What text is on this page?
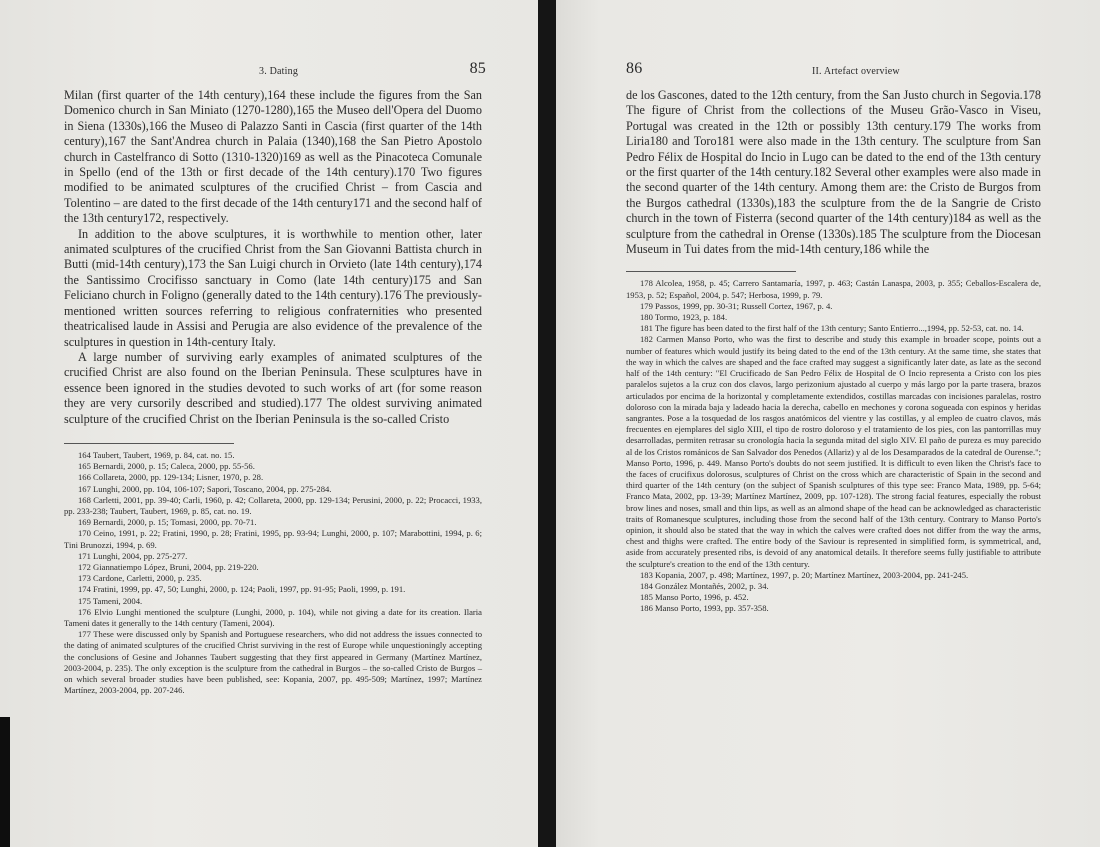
3. Dating	85

Milan (first quarter of the 14th century),164 these include the figures from the San Domenico church in San Miniato (1270-1280),165 the Museo dell'Opera del Duomo in Siena (1330s),166 the Museo di Palazzo Santi in Cascia (first quarter of the 14th century),167 the Sant'Andrea church in Palaia (1340),168 the San Pietro Apostolo church in Castelfranco di Sotto (1310-1320)169 as well as the Pinacoteca Comunale in Spello (end of the 13th or first decade of the 14th century).170 Two figures modified to be animated sculptures of the crucified Christ – from Cascia and Tolentino – are dated to the first decade of the 14th century171 and the second half of the 13th century172, respectively.

In addition to the above sculptures, it is worthwhile to mention other, later animated sculptures of the crucified Christ from the San Giovanni Battista church in Butti (mid-14th century),173 the San Luigi church in Orvieto (late 14th century),174 the Santissimo Crocifisso sanctuary in Como (late 14th century)175 and San Feliciano church in Foligno (generally dated to the 14th century).176 The previously-mentioned written sources referring to religious confraternities who presented theatricalised laude in Assisi and Perugia are also evidence of the prevalence of the sculptures in question in 14th-century Italy.

A large number of surviving early examples of animated sculptures of the crucified Christ are also found on the Iberian Peninsula. These sculptures have in essence been ignored in the studies devoted to such works of art (for some reason they are very cursorily described and studied).177 The oldest surviving animated sculpture of the crucified Christ on the Iberian Peninsula is the so-called Cristo

164 Taubert, Taubert, 1969, p. 84, cat. no. 15.

165 Bernardi, 2000, p. 15; Caleca, 2000, pp. 55-56.

166 Collareta, 2000, pp. 129-134; Lisner, 1970, p. 28.

167 Lunghi, 2000, pp. 104, 106-107; Sapori, Toscano, 2004, pp. 275-284.

168 Carletti, 2001, pp. 39-40; Carli, 1960, p. 42; Collareta, 2000, pp. 129-134; Perusini, 2000, p. 22; Procacci, 1933, pp. 233-238; Taubert, Taubert, 1969, p. 85, cat. no. 19.

169 Bernardi, 2000, p. 15; Tomasi, 2000, pp. 70-71.

170 Ceino, 1991, p. 22; Fratini, 1990, p. 28; Fratini, 1995, pp. 93-94; Lunghi, 2000, p. 107; Marabottini, 1994, p. 6; Tini Brunozzi, 1994, p. 69.

171 Lunghi, 2004, pp. 275-277.

172 Giannatiempo López, Bruni, 2004, pp. 219-220.

173 Cardone, Carletti, 2000, p. 235.

174 Fratini, 1999, pp. 47, 50; Lunghi, 2000, p. 124; Paoli, 1997, pp. 91-95; Paoli, 1999, p. 191.

175 Tameni, 2004.

176 Elvio Lunghi mentioned the sculpture (Lunghi, 2000, p. 104), while not giving a date for its creation. Ilaria Tameni dates it generally to the 14th century (Tameni, 2004).

177 These were discussed only by Spanish and Portuguese researchers, who did not address the issues connected to the dating of animated sculptures of the crucified Christ surviving in the rest of Europe while unquestioningly accepting the conclusions of Gesine and Johannes Taubert suggesting that they first appeared in Germany (Martínez Martínez, 2003-2004, p. 235). The only exception is the sculpture from the cathedral in Burgos – the so-called Cristo de Burgos – on which several broader studies have been published, see: Kopania, 2007, pp. 495-509; Martínez, 1997; Martínez Martínez, 2003-2004, pp. 207-246.

86	II. Artefact overview

de los Gascones, dated to the 12th century, from the San Justo church in Segovia.178 The figure of Christ from the collections of the Museu Grão-Vasco in Viseu, Portugal was created in the 12th or possibly 13th century.179 The works from Liria180 and Toro181 were also made in the 13th century. The sculpture from San Pedro Félix de Hospital do Incio in Lugo can be dated to the end of the 13th century or the first quarter of the 14th century.182 Several other examples were also made in the second quarter of the 14th century. Among them are: the Cristo de Burgos from the Burgos cathedral (1330s),183 the sculpture from the de la Sangrie de Cristo church in the town of Fisterra (second quarter of the 14th century)184 as well as the sculpture from the cathedral in Orense (1330s).185 The sculpture from the Diocesan Museum in Tui dates from the mid-14th century,186 while the

178 Alcolea, 1958, p. 45; Carrero Santamaría, 1997, p. 463; Castán Lanaspa, 2003, p. 355; Ceballos-Escalera de, 1953, p. 52; Español, 2004, p. 547; Herbosa, 1999, p. 79.

179 Passos, 1999, pp. 30-31; Russell Cortez, 1967, p. 4.

180 Tormo, 1923, p. 184.

181 The figure has been dated to the first half of the 13th century; Santo Entierro...,1994, pp. 52-53, cat. no. 14.

182 Carmen Manso Porto, who was the first to describe and study this example in broader scope, points out a number of features which would justify its being dated to the end of the 13th century. At the same time, she states that the way in which the calves are shaped and the face crafted may suggest a significantly later date, as late as the second half of the 14th century: "El Crucificado de San Pedro Félix de Hospital de O Incio representa a Cristo con los pies paralelos sujetos a la cruz con dos clavos, largo perizonium ajustado al cuerpo y más largo por la parte trasera, brazos articulados por encima de la horizontal y completamente extendidos, costillas marcadas con incisiones paralelas, rostro doloroso con la mirada baja y ladeado hacia la derecha, cabello en mechones y corona sogueada con espinos y heridas sangrantes. Pose a la tosquedad de los rasgos anatómicos del vientre y las costillas, y al empleo de cuatro clavos, más frecuentes en ejemplares del siglo XIII, el tipo de rostro doloroso y el tratamiento de los pies, con las pantorrillas muy desarrolladas, permiten retrasar su cronología hacia la segunda mitad del siglo XIV. El paño de pureza es muy parecido al de los Cristos románicos de San Salvador dos Penedos (Allariz) y al de los Desamparados de la catedral de Ourense."; Manso Porto, 1996, p. 449. Manso Porto's doubts do not seem justified. It is difficult to even liken the Christ's face to the faces of crucifixus dolorosus, sculptures of Christ on the cross which are characteristic of Spain in the second and third quarter of the 14th century (on the subject of Spanish sculptures of this type see: Franco Mata, 1989, pp. 5-64; Franco Mata, 2002, pp. 13-39; Martínez Martínez, 2009, pp. 107-128). The strong facial features, especially the robust brow lines and noses, small and thin lips, as well as an almond shape of the head can be acknowledged as characteristic traits of Romanesque sculptures, including those from the second half of the 13th century. Contrary to Manso Porto's opinion, it should also be stated that the way in which the calves were crafted does not differ from the way the arms, chest and thighs were crafted. The entire body of the Saviour is represented in simplified form, is symmetrical, and, aside from accurately presented ribs, is devoid of any anatomical details. It therefore seems fully justifiable to attribute the sculpture's creation to the end of the 13th century.

183 Kopania, 2007, p. 498; Martínez, 1997, p. 20; Martínez Martínez, 2003-2004, pp. 241-245.

184 González Montañés, 2002, p. 34.

185 Manso Porto, 1996, p. 452.

186 Manso Porto, 1993, pp. 357-358.
